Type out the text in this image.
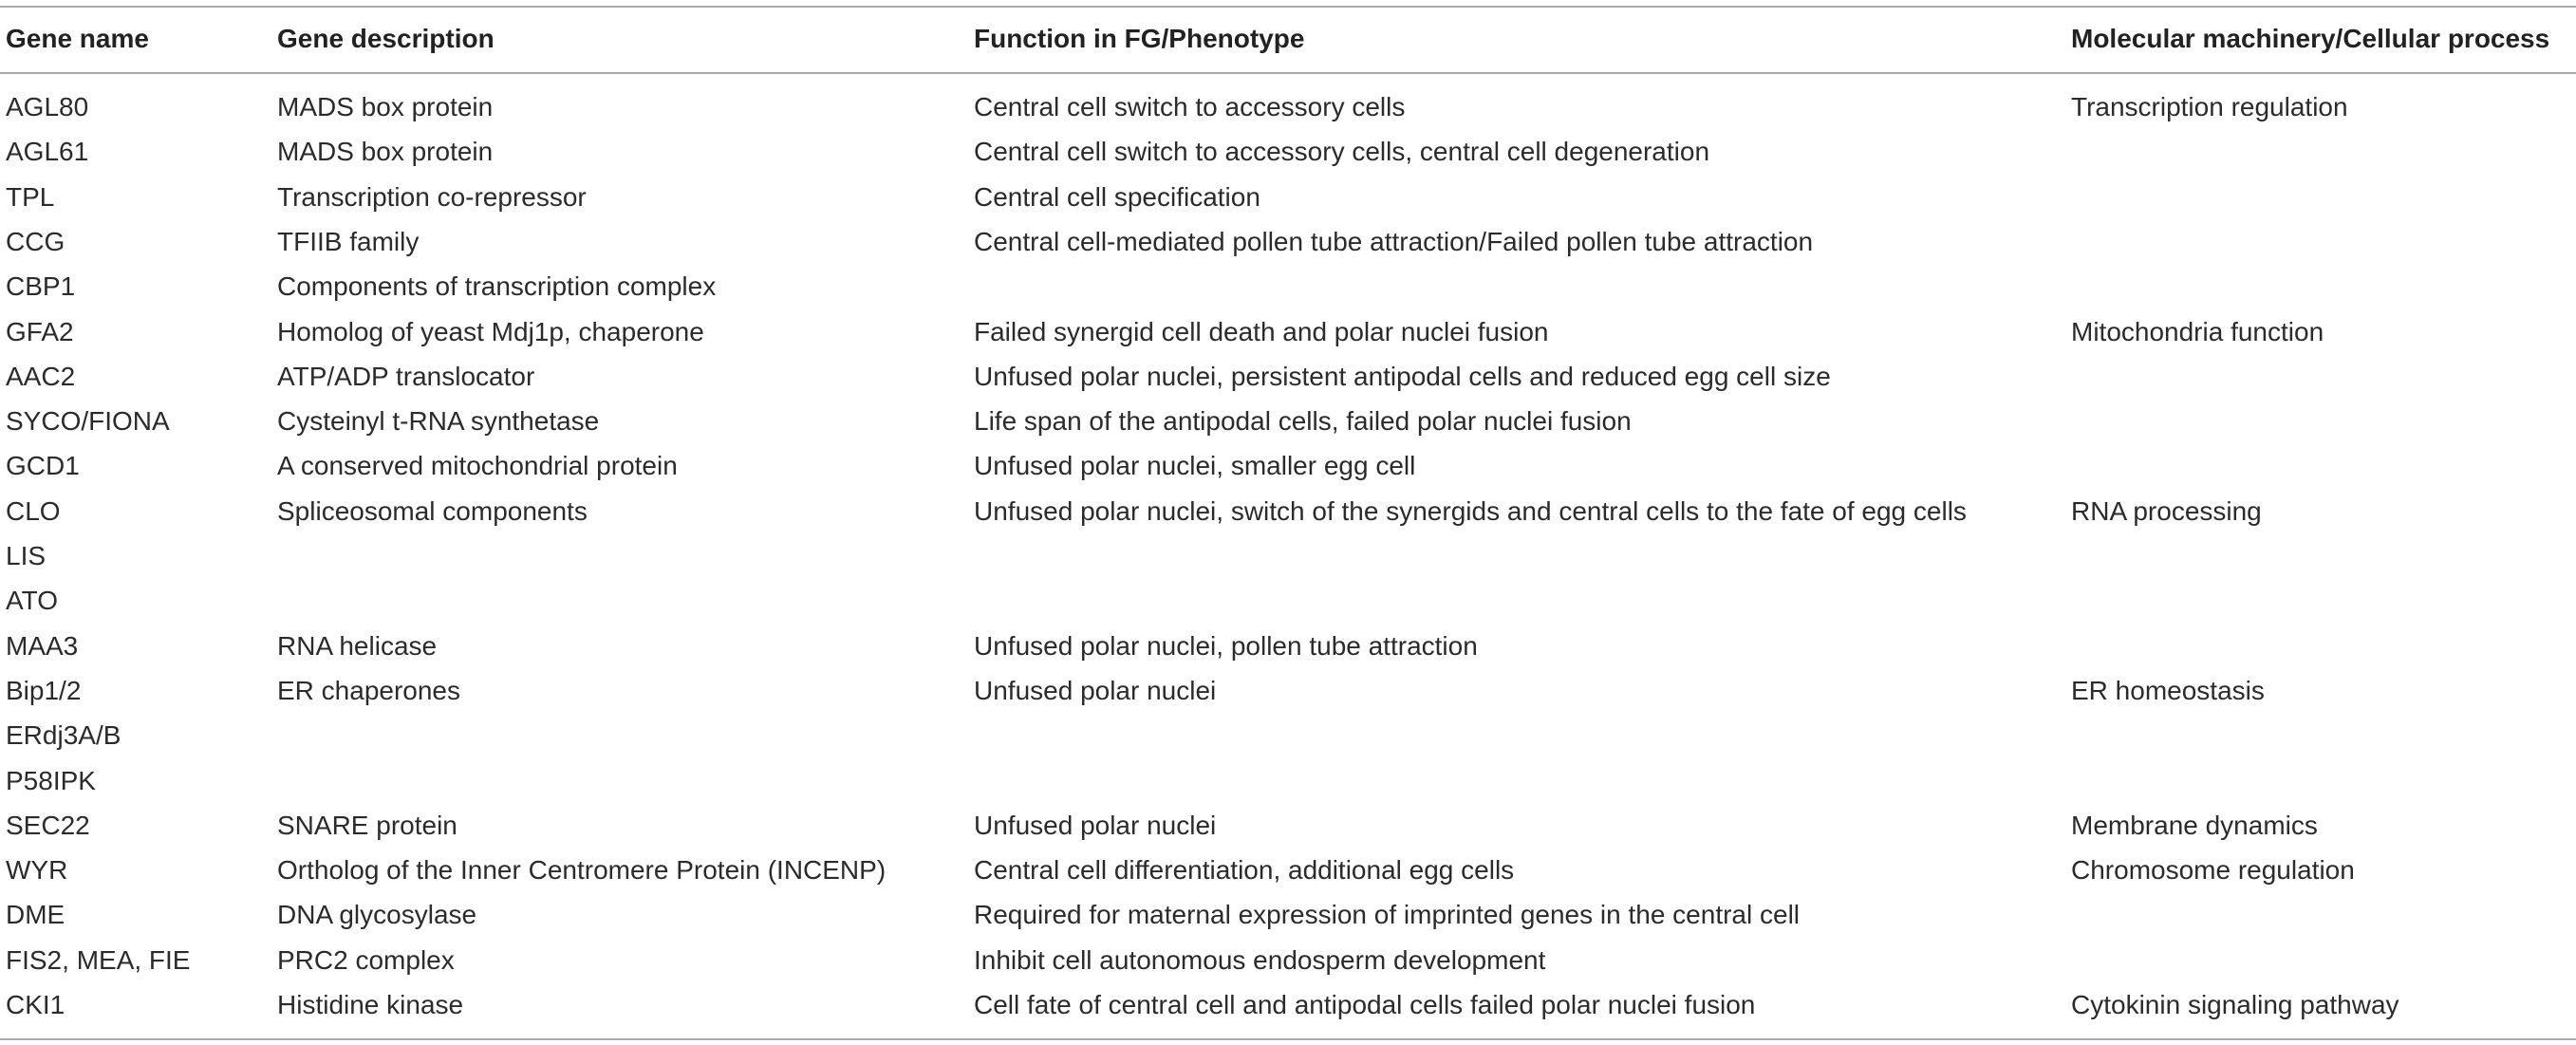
Gene name	Gene description	Function in FG/Phenotype	Molecular machinery/Cellular process
AGL80	MADS box protein	Central cell switch to accessory cells	Transcription regulation
AGL61	MADS box protein	Central cell switch to accessory cells, central cell degeneration
TPL	Transcription co-repressor	Central cell specification
CCG	TFIIB family	Central cell-mediated pollen tube attraction/Failed pollen tube attraction
CBP1	Components of transcription complex
GFA2	Homolog of yeast Mdj1p, chaperone	Failed synergid cell death and polar nuclei fusion	Mitochondria function
AAC2	ATP/ADP translocator	Unfused polar nuclei, persistent antipodal cells and reduced egg cell size
SYCO/FIONA	Cysteinyl t-RNA synthetase	Life span of the antipodal cells, failed polar nuclei fusion
GCD1	A conserved mitochondrial protein	Unfused polar nuclei, smaller egg cell
CLO	Spliceosomal components	Unfused polar nuclei, switch of the synergids and central cells to the fate of egg cells	RNA processing
LIS
ATO
MAA3	RNA helicase	Unfused polar nuclei, pollen tube attraction
Bip1/2	ER chaperones	Unfused polar nuclei	ER homeostasis
ERdj3A/B
P58IPK
SEC22	SNARE protein	Unfused polar nuclei	Membrane dynamics
WYR	Ortholog of the Inner Centromere Protein (INCENP)	Central cell differentiation, additional egg cells	Chromosome regulation
DME	DNA glycosylase	Required for maternal expression of imprinted genes in the central cell
FIS2, MEA, FIE	PRC2 complex	Inhibit cell autonomous endosperm development
CKI1	Histidine kinase	Cell fate of central cell and antipodal cells failed polar nuclei fusion	Cytokinin signaling pathway
